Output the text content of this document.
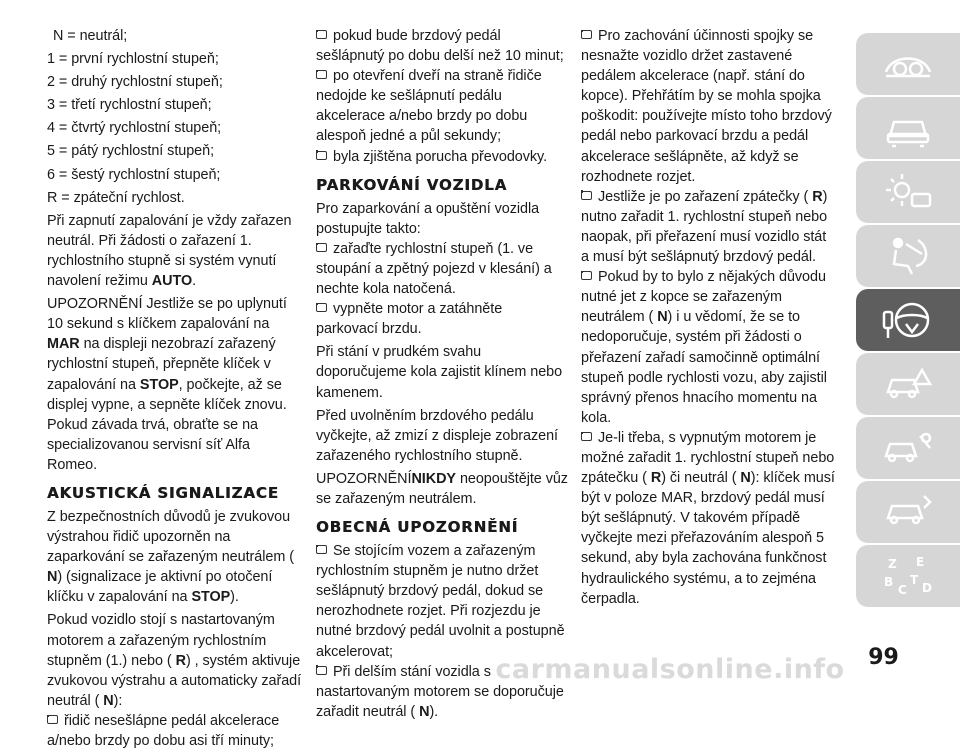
N = neutrál;

1 = první rychlostní stupeň;

2 = druhý rychlostní stupeň;

3 = třetí rychlostní stupeň;

4 = čtvrtý rychlostní stupeň;

5 = pátý rychlostní stupeň;

6 = šestý rychlostní stupeň;

R = zpáteční rychlost.

Při zapnutí zapalování je vždy zařazen neutrál. Při žádosti o zařazení 1. rychlostního stupně si systém vynutí navolení režimu AUTO.

UPOZORNĚNÍ Jestliže se po uplynutí 10 sekund s klíčkem zapalování na MAR na displeji nezobrazí zařazený rychlostní stupeň, přepněte klíček v zapalování na STOP, počkejte, až se displej vypne, a sepněte klíček znovu. Pokud závada trvá, obraťte se na specializovanou servisní síť Alfa Romeo.

AKUSTICKÁ SIGNALIZACE

Z bezpečnostních důvodů je zvukovou výstrahou řidič upozorněn na zaparkování se zařazeným neutrálem ( N) (signalizace je aktivní po otočení klíčku v zapalování na STOP).

Pokud vozidlo stojí s nastartovaným motorem a zařazeným rychlostním stupněm (1.) nebo ( R) , systém aktivuje zvukovou výstrahu a automaticky zařadí neutrál ( N):

řidič nesešlápne pedál akcelerace a/nebo brzdy po dobu asi tří minuty;

pokud bude brzdový pedál sešlápnutý po dobu delší než 10 minut;

po otevření dveří na straně řidiče nedojde ke sešlápnutí pedálu akcelerace a/nebo brzdy po dobu alespoň jedné a půl sekundy;

byla zjištěna porucha převodovky.

PARKOVÁNÍ VOZIDLA

Pro zaparkování a opuštění vozidla postupujte takto:

zařaďte rychlostní stupeň (1. ve stoupání a zpětný pojezd v klesání) a nechte kola natočená.

vypněte motor a zatáhněte parkovací brzdu.

Při stání v prudkém svahu doporučujeme kola zajistit klínem nebo kamenem.

Před uvolněním brzdového pedálu vyčkejte, až zmizí z displeje zobrazení zařazeného rychlostního stupně.

UPOZORNĚNÍNIKDY neopouštějte vůz se zařazeným neutrálem.

OBECNÁ UPOZORNĚNÍ

Se stojícím vozem a zařazeným rychlostním stupněm je nutno držet sešlápnutý brzdový pedál, dokud se nerozhodnete rozjet. Při rozjezdu je nutné brzdový pedál uvolnit a postupně akcelerovat;

Při delším stání vozidla s nastartovaným motorem se doporučuje zařadit neutrál ( N).

Pro zachování účinnosti spojky se nesnažte vozidlo držet zastavené pedálem akcelerace (např. stání do kopce). Přehřátím by se mohla spojka poškodit: používejte místo toho brzdový pedál nebo parkovací brzdu a pedál akcelerace sešlápněte, až když se rozhodnete rozjet.

Jestliže je po zařazení zpátečky ( R) nutno zařadit 1. rychlostní stupeň nebo naopak, při přeřazení musí vozidlo stát a musí být sešlápnutý brzdový pedál.

Pokud by to bylo z nějakých důvodu nutné jet z kopce se zařazeným neutrálem ( N) i u vědomí, že se to nedoporučuje, systém při žádosti o přeřazení zařadí samočinně optimální stupeň podle rychlosti vozu, aby zajistil správný přenos hnacího momentu na kola.

Je-li třeba, s vypnutým motorem je možné zařadit 1. rychlostní stupeň nebo zpátečku ( R) či neutrál ( N): klíček musí být v poloze MAR, brzdový pedál musí být sešlápnutý. V takovém případě vyčkejte mezi přeřazováním alespoň 5 sekund, aby byla zachována funkčnost hydraulického systému, a to zejména čerpadla.

Z E
B
C
T
D
99
carmanualsonline.info
